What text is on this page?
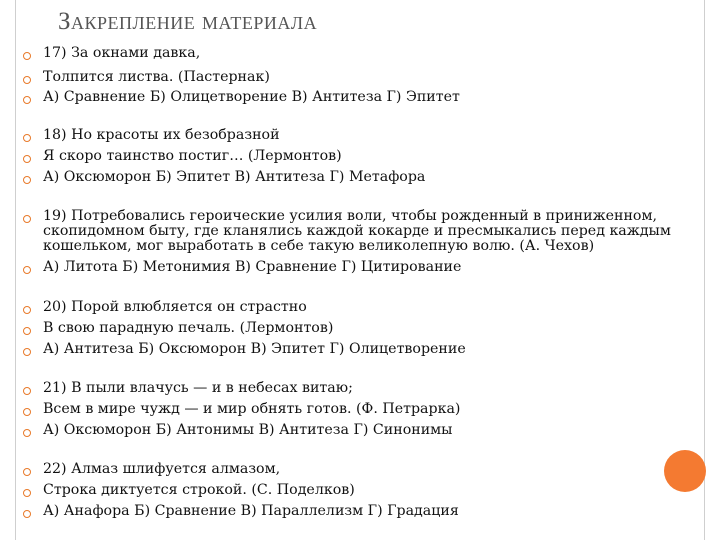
Закрепление материала
17) За окнами давка,
Толпится листва. (Пастернак)
А) Сравнение Б) Олицетворение В) Антитеза Г) Эпитет
18) Но красоты их безобразной
Я скоро таинство постиг… (Лермонтов)
А) Оксюморон Б) Эпитет В) Антитеза Г) Метафора
19) Потребовались героические усилия воли, чтобы рожденный в приниженном, скопидомном быту, где кланялись каждой кокарде и пресмыкались перед каждым кошельком, мог выработать в себе такую великолепную волю. (А. Чехов)
А) Литота Б) Метонимия В) Сравнение Г) Цитирование
20) Порой влюбляется он страстно
В свою парадную печаль. (Лермонтов)
А) Антитеза Б) Оксюморон В) Эпитет Г) Олицетворение
21) В пыли влачусь — и в небесах витаю;
Всем в мире чужд — и мир обнять готов. (Ф. Петрарка)
А) Оксюморон Б) Антонимы В) Антитеза Г) Синонимы
22) Алмаз шлифуется алмазом,
Строка диктуется строкой. (С. Поделков)
А) Анафора Б) Сравнение В) Параллелизм Г) Градация
